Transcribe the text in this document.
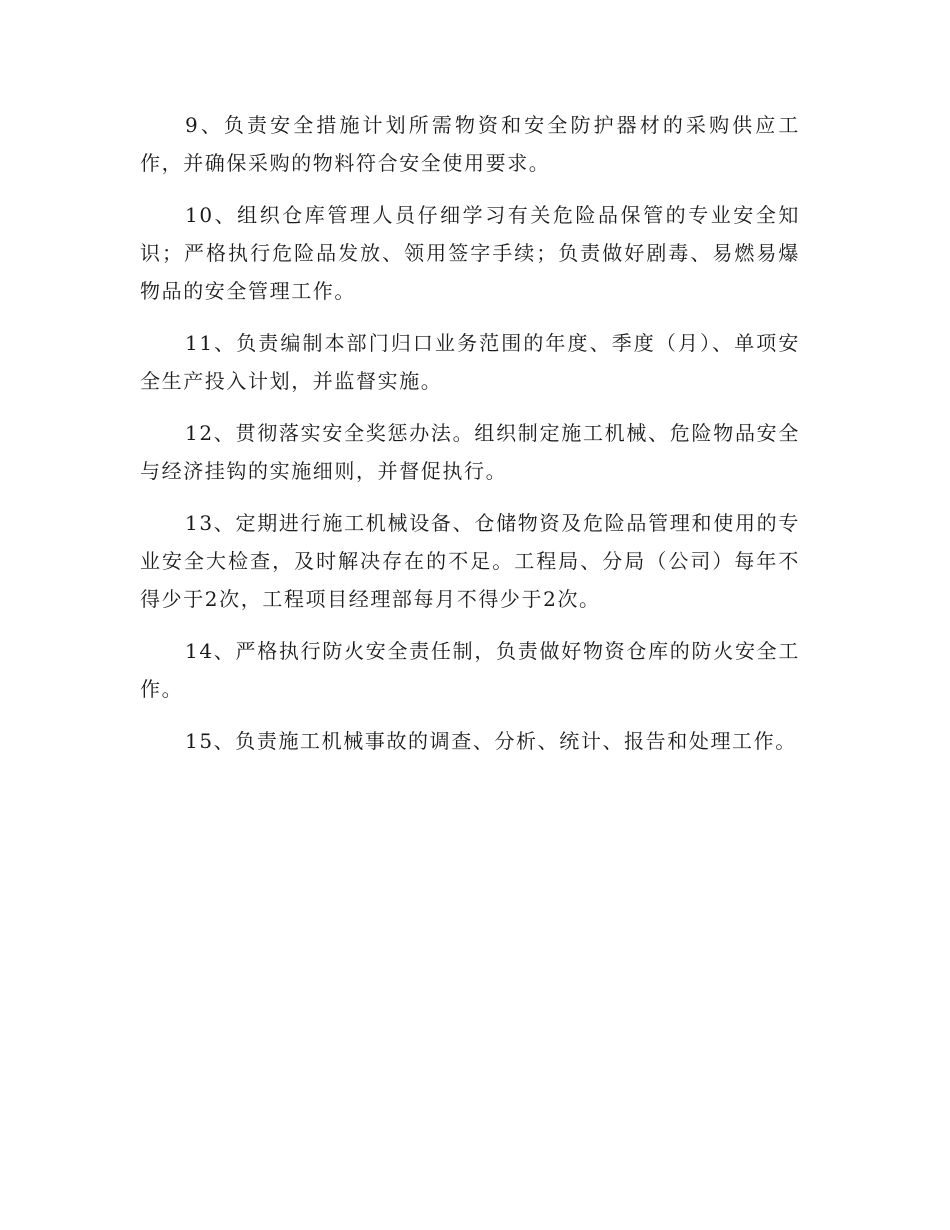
9、负责安全措施计划所需物资和安全防护器材的采购供应工作，并确保采购的物料符合安全使用要求。

10、组织仓库管理人员仔细学习有关危险品保管的专业安全知识；严格执行危险品发放、领用签字手续；负责做好剧毒、易燃易爆物品的安全管理工作。

11、负责编制本部门归口业务范围的年度、季度（月）、单项安全生产投入计划，并监督实施。

12、贯彻落实安全奖惩办法。组织制定施工机械、危险物品安全与经济挂钩的实施细则，并督促执行。

13、定期进行施工机械设备、仓储物资及危险品管理和使用的专业安全大检查，及时解决存在的不足。工程局、分局（公司）每年不得少于2次，工程项目经理部每月不得少于2次。

14、严格执行防火安全责任制，负责做好物资仓库的防火安全工作。

15、负责施工机械事故的调查、分析、统计、报告和处理工作。
